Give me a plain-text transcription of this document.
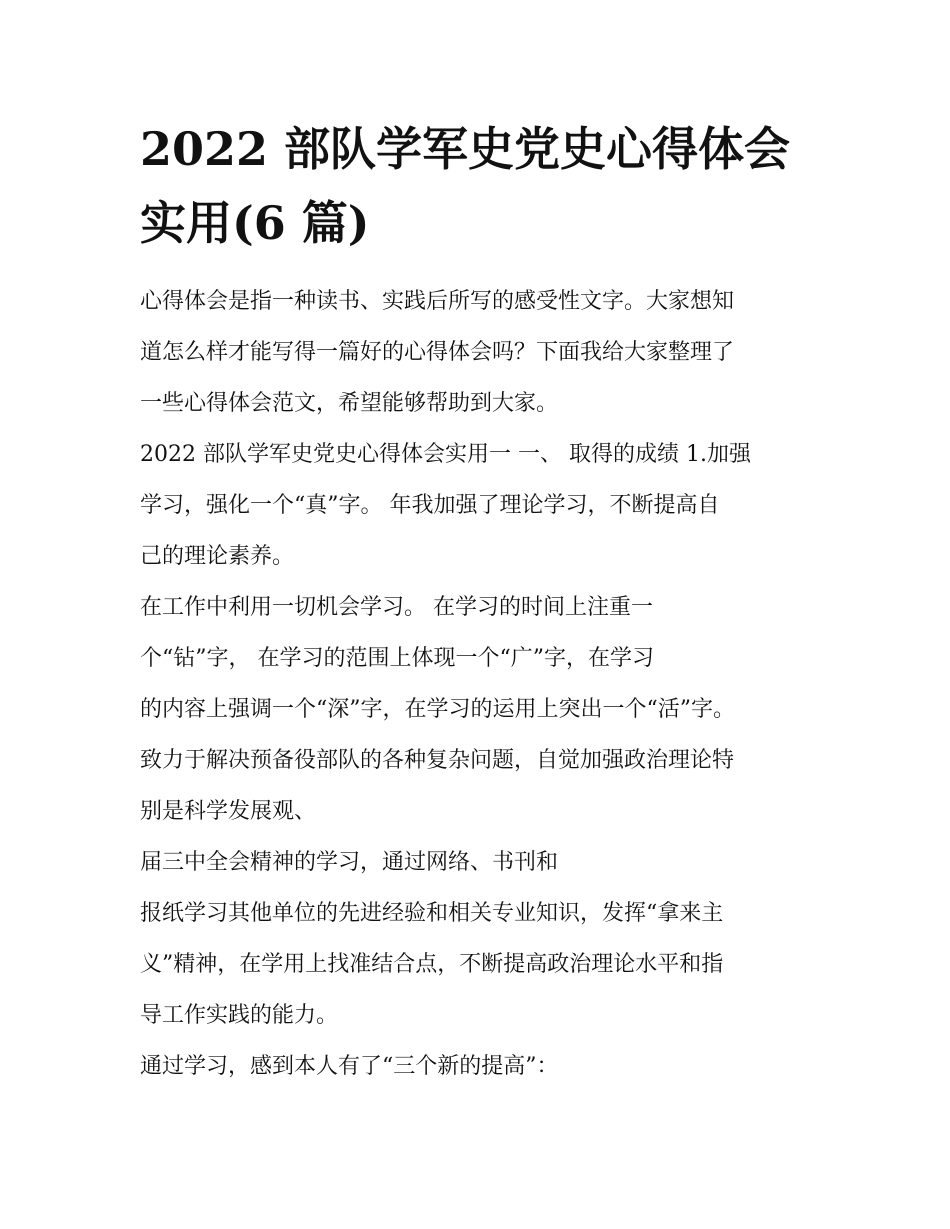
2022 部队学军史党史心得体会
实用(6 篇)

心得体会是指一种读书、实践后所写的感受性文字。大家想知

道怎么样才能写得一篇好的心得体会吗？下面我给大家整理了

一些心得体会范文，希望能够帮助到大家。

2022 部队学军史党史心得体会实用一 一、 取得的成绩 1.加强

学习，强化一个“真”字。 年我加强了理论学习，不断提高自

己的理论素养。

在工作中利用一切机会学习。 在学习的时间上注重一

个“钻”字， 在学习的范围上体现一个“广”字，在学习

的内容上强调一个“深”字，在学习的运用上突出一个“活”字。

致力于解决预备役部队的各种复杂问题，自觉加强政治理论特

别是科学发展观、

届三中全会精神的学习，通过网络、书刊和

报纸学习其他单位的先进经验和相关专业知识，发挥“拿来主

义”精神，在学用上找准结合点，不断提高政治理论水平和指

导工作实践的能力。

通过学习，感到本人有了“三个新的提高”：
